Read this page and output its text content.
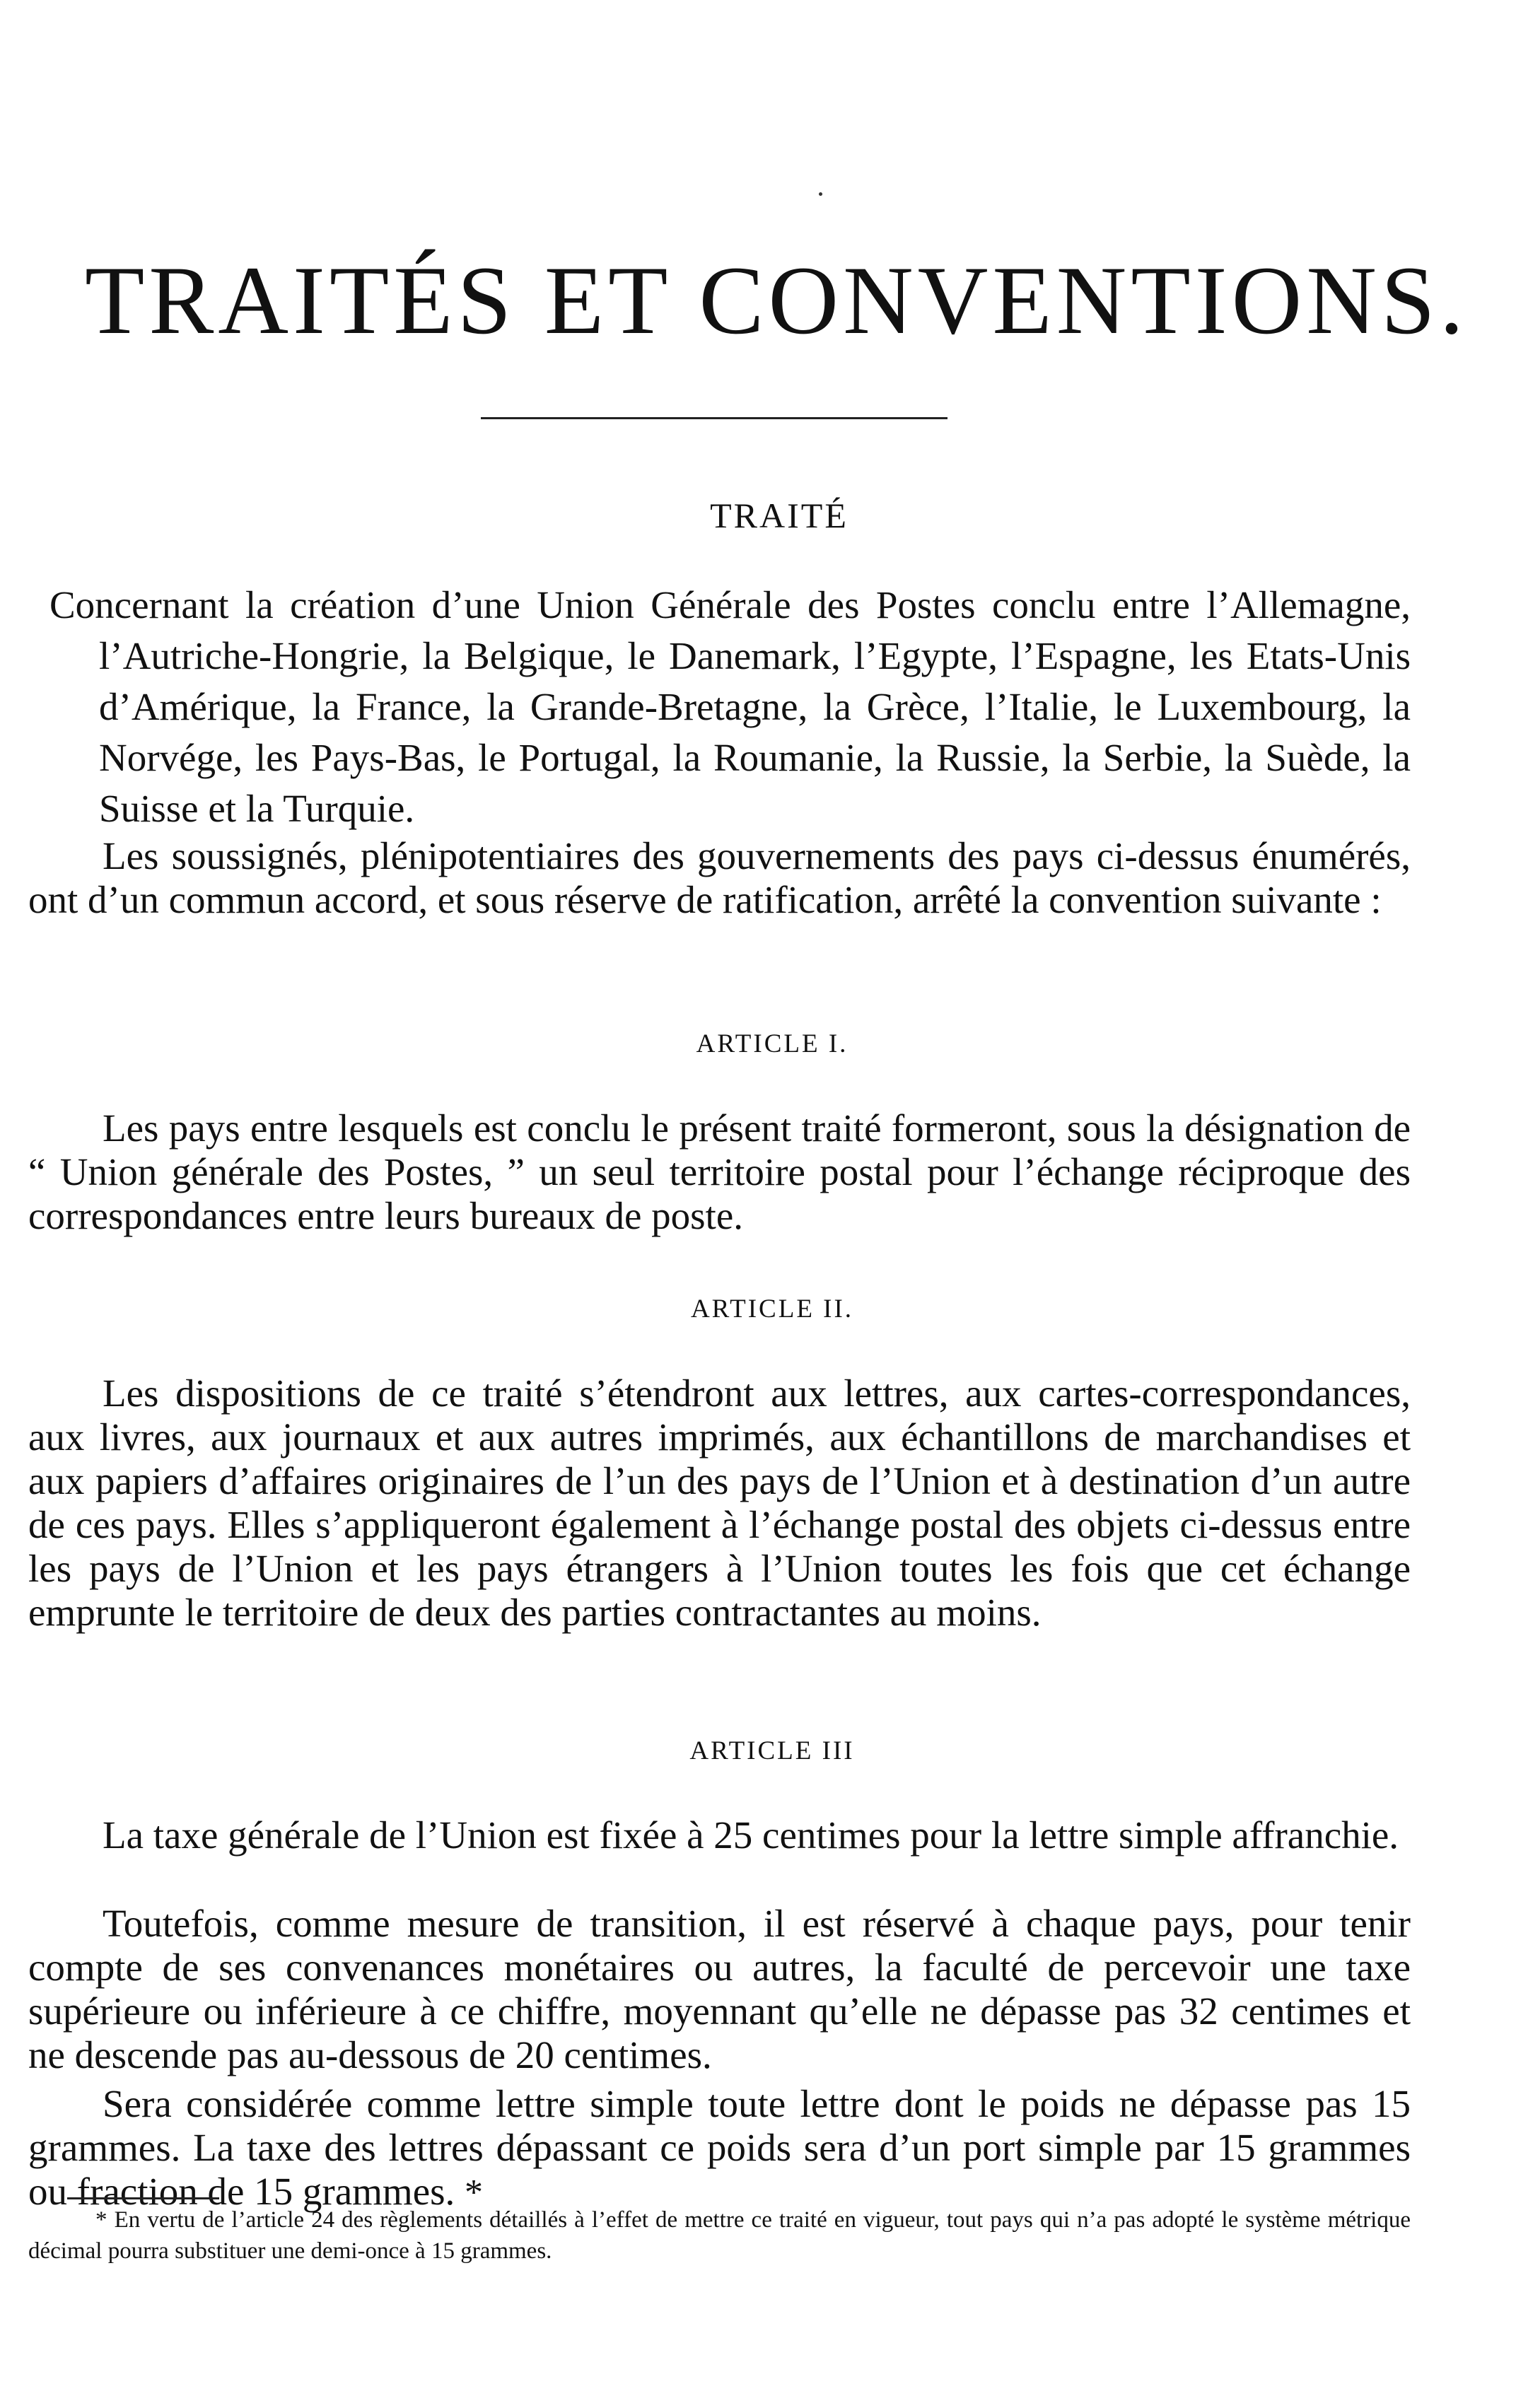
TRAITÉS ET CONVENTIONS.
TRAITÉ

Concernant la création d’une Union Générale des Postes conclu entre l’Allemagne, l’Autriche-Hongrie, la Belgique, le Danemark, l’Egypte, l’Espagne, les Etats-Unis d’Amérique, la France, la Grande-Bretagne, la Grèce, l’Italie, le Luxembourg, la Norvége, les Pays-Bas, le Portugal, la Roumanie, la Russie, la Serbie, la Suède, la Suisse et la Turquie.

Les soussignés, plénipotentiaires des gouvernements des pays ci-dessus énumérés, ont d’un commun accord, et sous réserve de ratification, arrêté la convention suivante :

ARTICLE I.

Les pays entre lesquels est conclu le présent traité formeront, sous la désignation de “ Union générale des Postes, ” un seul territoire postal pour l’échange réciproque des correspondances entre leurs bureaux de poste.

ARTICLE II.

Les dispositions de ce traité s’étendront aux lettres, aux cartes-correspondances, aux livres, aux journaux et aux autres imprimés, aux échantillons de marchandises et aux papiers d’affaires originaires de l’un des pays de l’Union et à destination d’un autre de ces pays. Elles s’appliqueront également à l’échange postal des objets ci-dessus entre les pays de l’Union et les pays étrangers à l’Union toutes les fois que cet échange emprunte le territoire de deux des parties contractantes au moins.

ARTICLE III

La taxe générale de l’Union est fixée à 25 centimes pour la lettre simple affranchie.

Toutefois, comme mesure de transition, il est réservé à chaque pays, pour tenir compte de ses convenances monétaires ou autres, la faculté de percevoir une taxe supérieure ou inférieure à ce chiffre, moyennant qu’elle ne dépasse pas 32 centimes et ne descende pas au-dessous de 20 centimes.

Sera considérée comme lettre simple toute lettre dont le poids ne dépasse pas 15 grammes. La taxe des lettres dépassant ce poids sera d’un port simple par 15 grammes ou fraction de 15 grammes. *

* En vertu de l’article 24 des règlements détaillés à l’effet de mettre ce traité en vigueur, tout pays qui n’a pas adopté le système métrique décimal pourra substituer une demi-once à 15 grammes.
